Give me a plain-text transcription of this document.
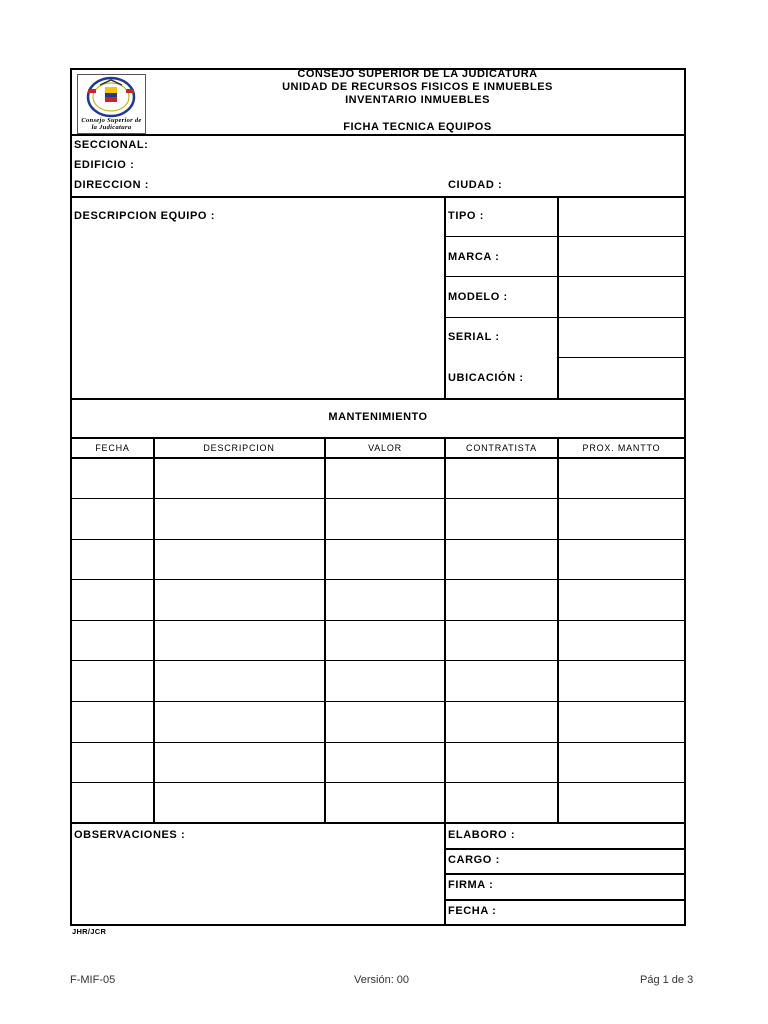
Consejo Superior de la Judicatura
CONSEJO SUPERIOR DE LA JUDICATURA
UNIDAD DE RECURSOS FISICOS E INMUEBLES
INVENTARIO INMUEBLES
FICHA TECNICA EQUIPOS
SECCIONAL:
EDIFICIO :
DIRECCION :	CIUDAD :
DESCRIPCION EQUIPO :	TIPO :
MARCA :
MODELO :
SERIAL :
UBICACIÓN :
MANTENIMIENTO
FECHA	DESCRIPCION	VALOR	CONTRATISTA	PROX. MANTTO
OBSERVACIONES :	ELABORO :
CARGO :
FIRMA :
FECHA :
JHR/JCR
F-MIF-05	Versión: 00	Pág 1 de 3
